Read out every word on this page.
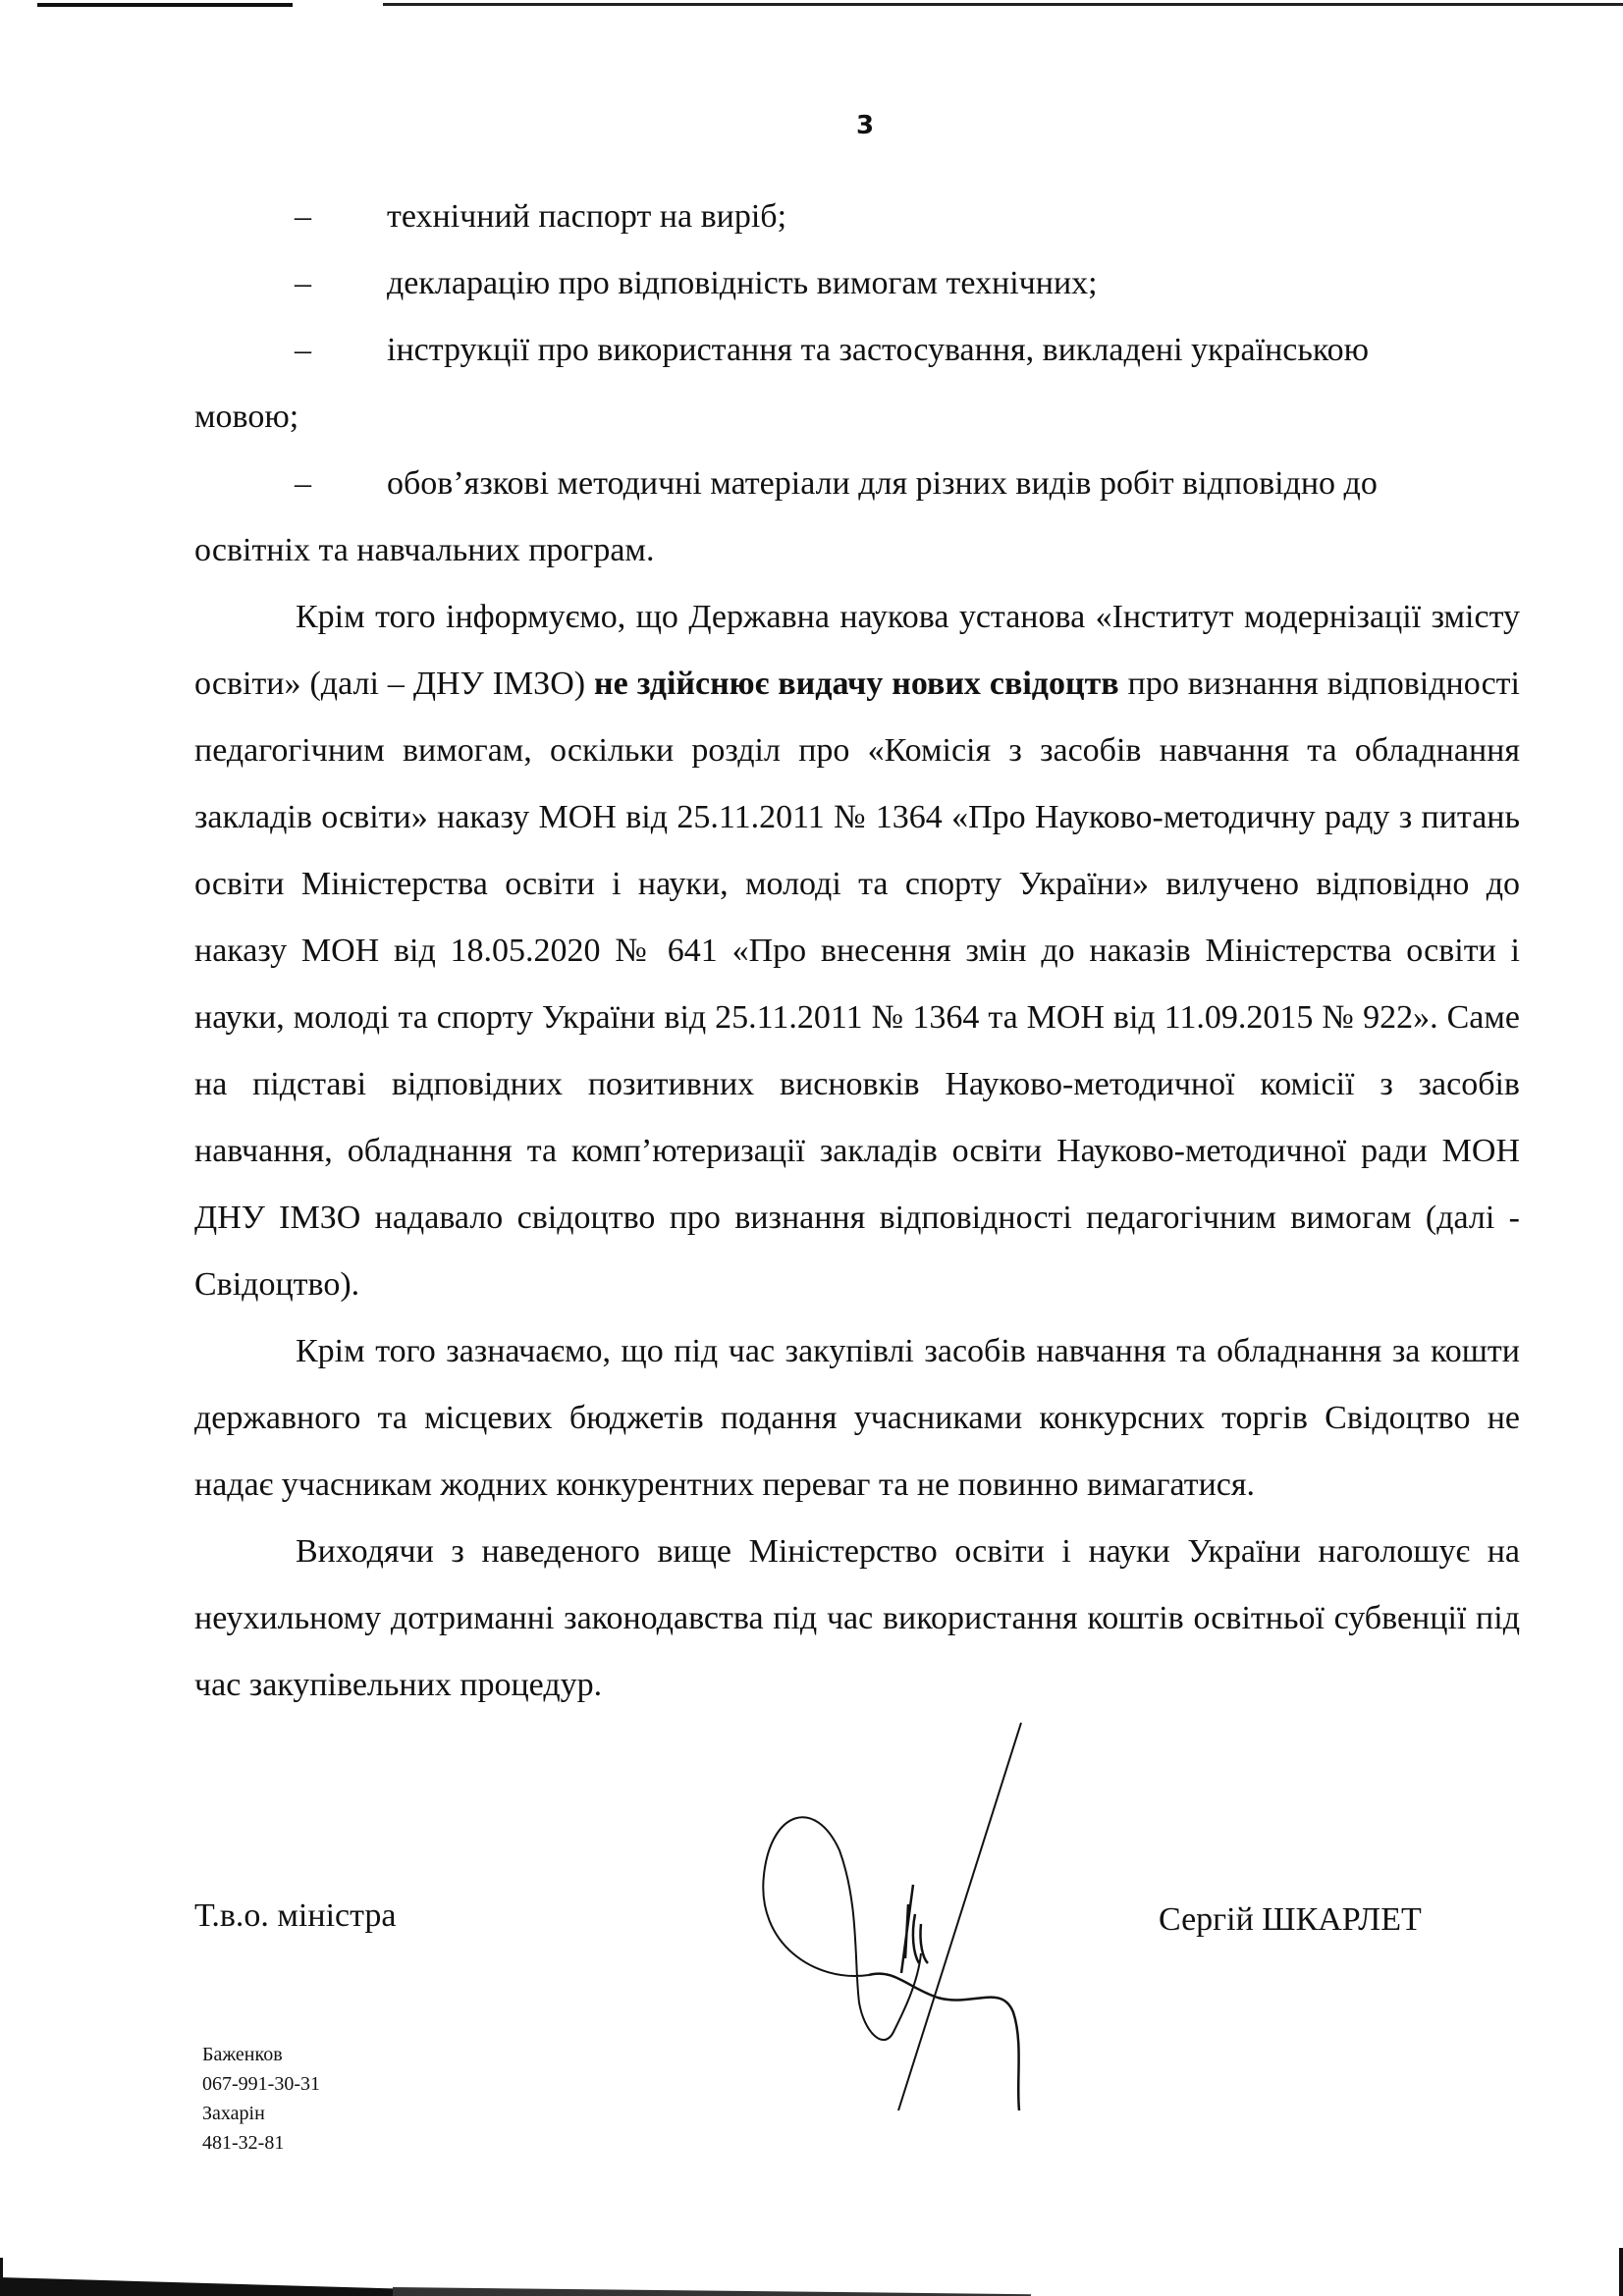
3
– технічний паспорт на виріб;
– декларацію про відповідність вимогам технічних;
– інструкції про використання та застосування, викладені українською
мовою;
– обов’язкові методичні матеріали для різних видів робіт відповідно до
освітніх та навчальних програм.

Крім того інформуємо, що Державна наукова установа «Інститут модернізації змісту освіти» (далі – ДНУ ІМЗО) не здійснює видачу нових свідоцтв про визнання відповідності педагогічним вимогам, оскільки розділ про «Комісія з засобів навчання та обладнання закладів освіти» наказу МОН від 25.11.2011 № 1364 «Про Науково-методичну раду з питань освіти Міністерства освіти і науки, молоді та спорту України» вилучено відповідно до наказу МОН від 18.05.2020 № 641 «Про внесення змін до наказів Міністерства освіти і науки, молоді та спорту України від 25.11.2011 № 1364 та МОН від 11.09.2015 № 922». Саме на підставі відповідних позитивних висновків Науково-методичної комісії з засобів навчання, обладнання та комп’ютеризації закладів освіти Науково-методичної ради МОН ДНУ ІМЗО надавало свідоцтво про визнання відповідності педагогічним вимогам (далі - Свідоцтво).

Крім того зазначаємо, що під час закупівлі засобів навчання та обладнання за кошти державного та місцевих бюджетів подання учасниками конкурсних торгів Свідоцтво не надає учасникам жодних конкурентних переваг та не повинно вимагатися.

Виходячи з наведеного вище Міністерство освіти і науки України наголошує на неухильному дотриманні законодавства під час використання коштів освітньої субвенції під час закупівельних процедур.

Т.в.о. міністра	Сергій ШКАРЛЕТ
Баженков
067-991-30-31
Захарін
481-32-81
